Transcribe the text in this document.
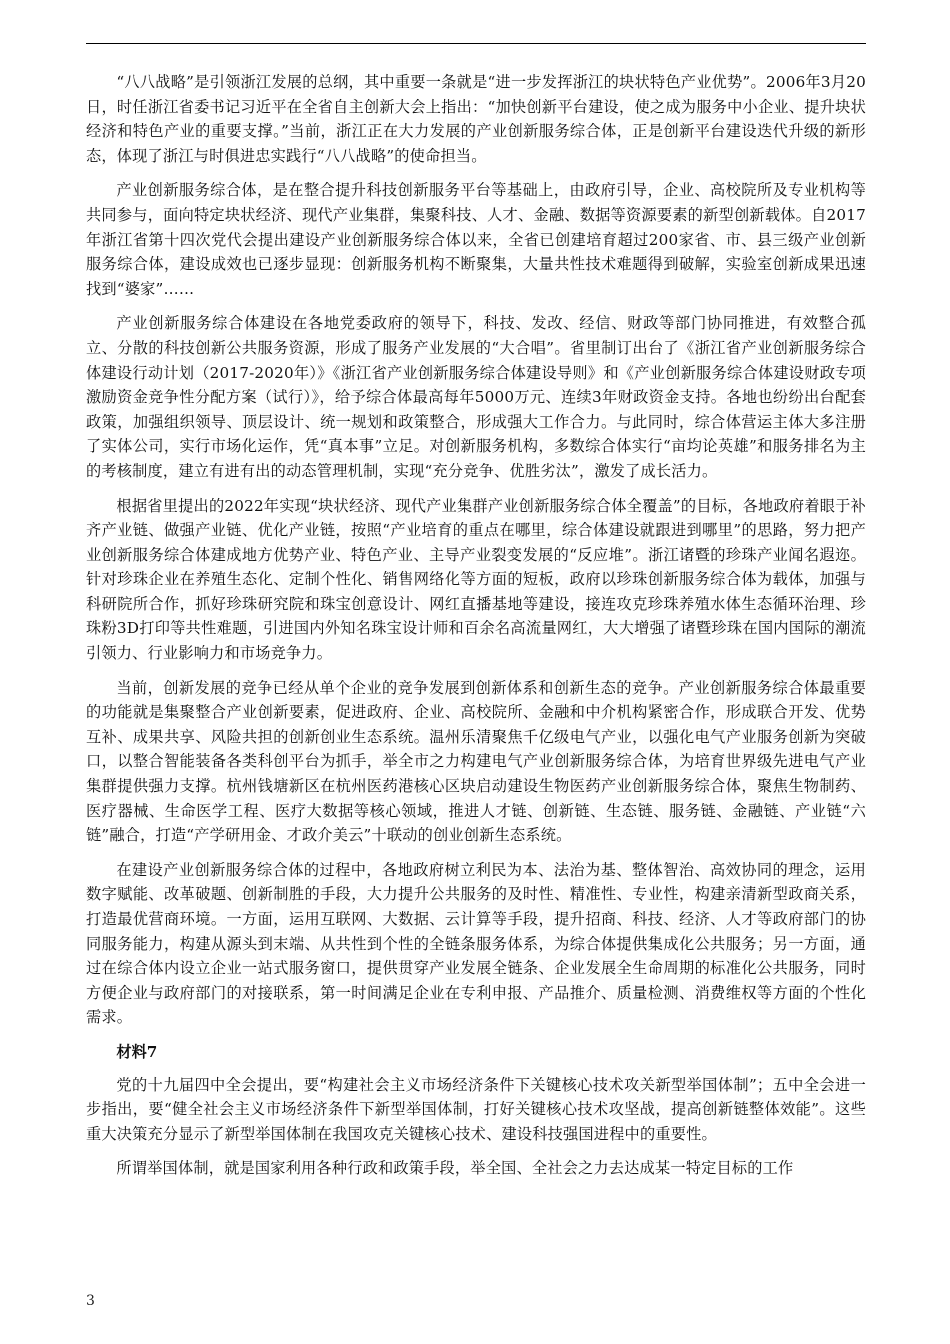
“八八战略”是引领浙江发展的总纲，其中重要一条就是“进一步发挥浙江的块状特色产业优势”。2006年3月20日，时任浙江省委书记习近平在全省自主创新大会上指出：“加快创新平台建设，使之成为服务中小企业、提升块状经济和特色产业的重要支撑。”当前，浙江正在大力发展的产业创新服务综合体，正是创新平台建设迭代升级的新形态，体现了浙江与时俱进忠实践行“八八战略”的使命担当。

产业创新服务综合体，是在整合提升科技创新服务平台等基础上，由政府引导，企业、高校院所及专业机构等共同参与，面向特定块状经济、现代产业集群，集聚科技、人才、金融、数据等资源要素的新型创新载体。自2017年浙江省第十四次党代会提出建设产业创新服务综合体以来，全省已创建培育超过200家省、市、县三级产业创新服务综合体，建设成效也已逐步显现：创新服务机构不断聚集，大量共性技术难题得到破解，实验室创新成果迅速找到“婆家”……

产业创新服务综合体建设在各地党委政府的领导下，科技、发改、经信、财政等部门协同推进，有效整合孤立、分散的科技创新公共服务资源，形成了服务产业发展的“大合唱”。省里制订出台了《浙江省产业创新服务综合体建设行动计划（2017-2020年）》《浙江省产业创新服务综合体建设导则》和《产业创新服务综合体建设财政专项激励资金竞争性分配方案（试行）》，给予综合体最高每年5000万元、连续3年财政资金支持。各地也纷纷出台配套政策，加强组织领导、顶层设计、统一规划和政策整合，形成强大工作合力。与此同时，综合体营运主体大多注册了实体公司，实行市场化运作，凭“真本事”立足。对创新服务机构，多数综合体实行“亩均论英雄”和服务排名为主的考核制度，建立有进有出的动态管理机制，实现“充分竞争、优胜劣汰”，激发了成长活力。

根据省里提出的2022年实现“块状经济、现代产业集群产业创新服务综合体全覆盖”的目标，各地政府着眼于补齐产业链、做强产业链、优化产业链，按照“产业培育的重点在哪里，综合体建设就跟进到哪里”的思路，努力把产业创新服务综合体建成地方优势产业、特色产业、主导产业裂变发展的“反应堆”。浙江诸暨的珍珠产业闻名遐迩。针对珍珠企业在养殖生态化、定制个性化、销售网络化等方面的短板，政府以珍珠创新服务综合体为载体，加强与科研院所合作，抓好珍珠研究院和珠宝创意设计、网红直播基地等建设，接连攻克珍珠养殖水体生态循环治理、珍珠粉3D打印等共性难题，引进国内外知名珠宝设计师和百余名高流量网红，大大增强了诸暨珍珠在国内国际的潮流引领力、行业影响力和市场竞争力。

当前，创新发展的竞争已经从单个企业的竞争发展到创新体系和创新生态的竞争。产业创新服务综合体最重要的功能就是集聚整合产业创新要素，促进政府、企业、高校院所、金融和中介机构紧密合作，形成联合开发、优势互补、成果共享、风险共担的创新创业生态系统。温州乐清聚焦千亿级电气产业，以强化电气产业服务创新为突破口，以整合智能装备各类科创平台为抓手，举全市之力构建电气产业创新服务综合体，为培育世界级先进电气产业集群提供强力支撑。杭州钱塘新区在杭州医药港核心区块启动建设生物医药产业创新服务综合体，聚焦生物制药、医疗器械、生命医学工程、医疗大数据等核心领域，推进人才链、创新链、生态链、服务链、金融链、产业链“六链”融合，打造“产学研用金、才政介美云”十联动的创业创新生态系统。

在建设产业创新服务综合体的过程中，各地政府树立利民为本、法治为基、整体智治、高效协同的理念，运用数字赋能、改革破题、创新制胜的手段，大力提升公共服务的及时性、精准性、专业性，构建亲清新型政商关系，打造最优营商环境。一方面，运用互联网、大数据、云计算等手段，提升招商、科技、经济、人才等政府部门的协同服务能力，构建从源头到末端、从共性到个性的全链条服务体系，为综合体提供集成化公共服务；另一方面，通过在综合体内设立企业一站式服务窗口，提供贯穿产业发展全链条、企业发展全生命周期的标准化公共服务，同时方便企业与政府部门的对接联系，第一时间满足企业在专利申报、产品推介、质量检测、消费维权等方面的个性化需求。

材料7

党的十九届四中全会提出，要“构建社会主义市场经济条件下关键核心技术攻关新型举国体制”；五中全会进一步指出，要“健全社会主义市场经济条件下新型举国体制，打好关键核心技术攻坚战，提高创新链整体效能”。这些重大决策充分显示了新型举国体制在我国攻克关键核心技术、建设科技强国进程中的重要性。

所谓举国体制，就是国家利用各种行政和政策手段，举全国、全社会之力去达成某一特定目标的工作

3
